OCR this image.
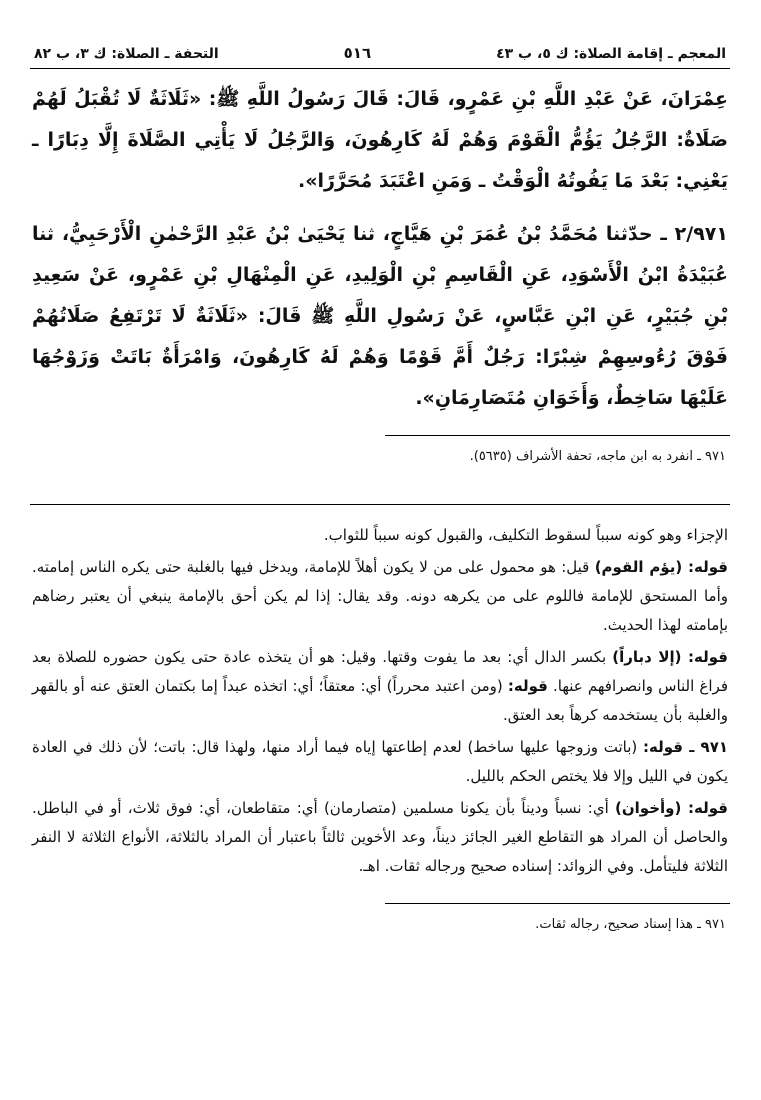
المعجم ـ إقامة الصلاة: ك ٥، ب ٤٣
٥١٦
التحفة ـ الصلاة: ك ٣، ب ٨٢

عِمْرَانَ، عَنْ عَبْدِ اللَّهِ بْنِ عَمْرٍو، قَالَ: قَالَ رَسُولُ اللَّهِ ﷺ: «ثَلَاثَةٌ لَا تُقْبَلُ لَهُمْ صَلَاةٌ: الرَّجُلُ يَؤُمُّ الْقَوْمَ وَهُمْ لَهُ كَارِهُونَ، وَالرَّجُلُ لَا يَأْتِي الصَّلَاةَ إِلَّا دِبَارًا ـ يَعْنِي: بَعْدَ مَا يَفُوتُهُ الْوَقْتُ ـ وَمَنِ اعْتَبَدَ مُحَرَّرًا».

٢/٩٧١ ـ حدّثنا مُحَمَّدُ بْنُ عُمَرَ بْنِ هَيَّاجٍ، ثنا يَحْيَىٰ بْنُ عَبْدِ الرَّحْمٰنِ الْأَرْحَبِيُّ، ثنا عُبَيْدَةُ ابْنُ الْأَسْوَدِ، عَنِ الْقَاسِمِ بْنِ الْوَلِيدِ، عَنِ الْمِنْهَالِ بْنِ عَمْرٍو، عَنْ سَعِيدِ بْنِ جُبَيْرٍ، عَنِ ابْنِ عَبَّاسٍ، عَنْ رَسُولِ اللَّهِ ﷺ قَالَ: «ثَلَاثَةٌ لَا تَرْتَفِعُ صَلَاتُهُمْ فَوْقَ رُءُوسِهِمْ شِبْرًا: رَجُلٌ أَمَّ قَوْمًا وَهُمْ لَهُ كَارِهُونَ، وَامْرَأَةٌ بَاتَتْ وَزَوْجُهَا عَلَيْهَا سَاخِطٌ، وَأَخَوَانِ مُتَصَارِمَانِ».

٩٧١ ـ انفرد به ابن ماجه، تحفة الأشراف (٥٦٣٥).

الإجزاء وهو كونه سبباً لسقوط التكليف، والقبول كونه سبباً للثواب.

قوله: (يؤم القوم) قيل: هو محمول على من لا يكون أهلاً للإمامة، ويدخل فيها بالغلبة حتى يكره الناس إمامته. وأما المستحق للإمامة فاللوم على من يكرهه دونه. وقد يقال: إذا لم يكن أحق بالإمامة ينبغي أن يعتبر رضاهم بإمامته لهذا الحديث.

قوله: (إلا دباراً) بكسر الدال أي: بعد ما يفوت وقتها. وقيل: هو أن يتخذه عادة حتى يكون حضوره للصلاة بعد فراغ الناس وانصرافهم عنها. قوله: (ومن اعتبد محرراً) أي: معتقاً؛ أي: اتخذه عبداً إما بكتمان العتق عنه أو بالقهر والغلبة بأن يستخدمه كرهاً بعد العتق.

٩٧١ ـ قوله: (باتت وزوجها عليها ساخط) لعدم إطاعتها إياه فيما أراد منها، ولهذا قال: باتت؛ لأن ذلك في العادة يكون في الليل وإلا فلا يختص الحكم بالليل.

قوله: (وأخوان) أي: نسباً وديناً بأن يكونا مسلمين (متصارمان) أي: متقاطعان، أي: فوق ثلاث، أو في الباطل. والحاصل أن المراد هو التقاطع الغير الجائز ديناً، وعد الأخوين ثالثاً باعتبار أن المراد بالثلاثة، الأنواع الثلاثة لا النفر الثلاثة فليتأمل. وفي الزوائد: إسناده صحيح ورجاله ثقات. اهـ.

٩٧١ ـ هذا إسناد صحيح، رجاله ثقات.
